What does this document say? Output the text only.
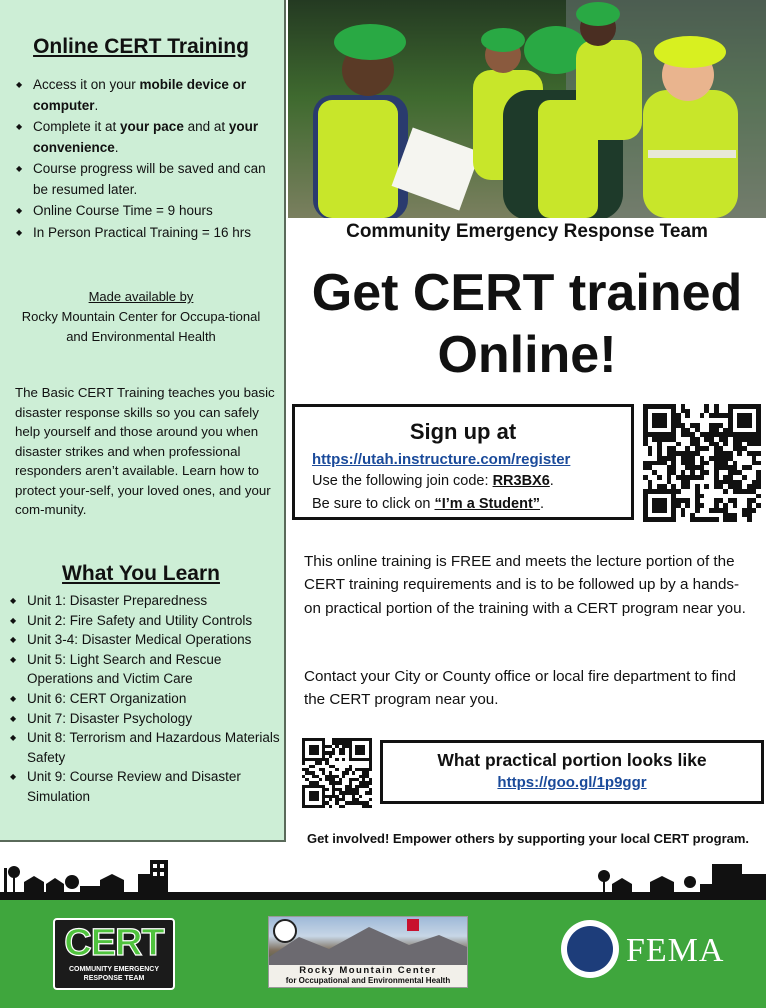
Online CERT Training
◆ Access it on your mobile device or computer.
◆ Complete it at your pace and at your convenience.
◆ Course progress will be saved and can be resumed later.
◆ Online Course Time = 9 hours
◆ In Person Practical Training = 16 hrs
Made available by
Rocky Mountain Center for Occupa-tional and Environmental Health
The Basic CERT Training teaches you basic disaster response skills so you can safely help yourself and those around you when disaster strikes and when professional responders aren’t available. Learn how to protect your-self, your loved ones, and your com-munity.
What You Learn
◆ Unit 1: Disaster Preparedness
◆ Unit 2: Fire Safety and Utility Controls
◆ Unit 3-4: Disaster Medical Operations
◆ Unit 5: Light Search and Rescue Operations and Victim Care
◆ Unit 6: CERT Organization
◆ Unit 7: Disaster Psychology
◆ Unit 8: Terrorism and Hazardous Materials Safety
◆ Unit 9: Course Review and Disaster Simulation
Community Emergency Response Team
Get CERT trained
Online!
Sign up at
https://utah.instructure.com/register
Use the following join code: RR3BX6.
Be sure to click on “I’m a Student”.
This online training is FREE and meets the lecture portion of the CERT training requirements and is to be followed up by a hands-on practical portion of the training with a CERT program near you.
Contact your City or County office or local fire department to find the CERT program near you.
What practical portion looks like
https://goo.gl/1p9ggr
Get involved! Empower others by supporting your local CERT program.
CERT
COMMUNITY EMERGENCY
RESPONSE TEAM
Rocky Mountain Center
for Occupational and Environmental Health
FEMA
